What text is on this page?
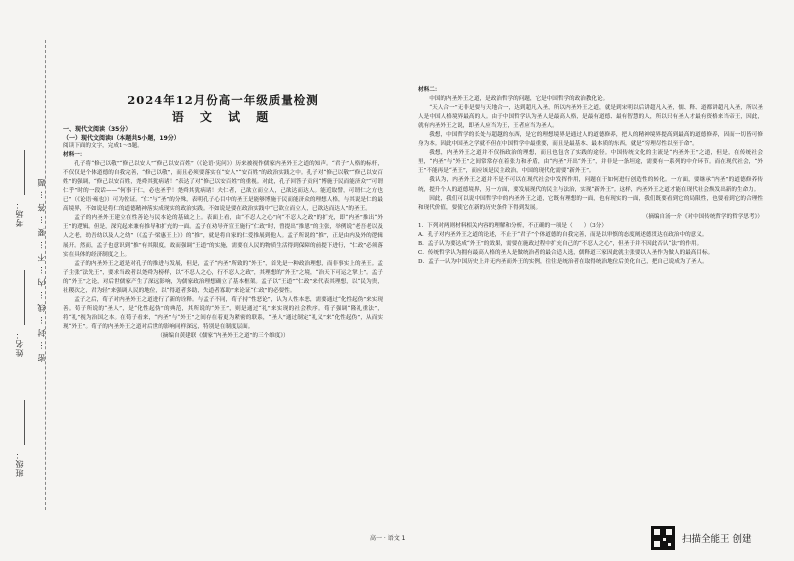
班级：
姓名：
考场： 密 ⋯ 封 ⋯ 线 ⋯ 内 ⋯ 不 ⋯ 要 ⋯ 答 ⋯ 题
2024年12月份高一年级质量检测
语 文 试 题
一、现代文阅读（35分）
（一）现代文阅读Ⅰ（本题共5小题，19分）

阅读下面的文字，完成1～5题。

材料一：

孔子将“修己以敬”“修己以安人”“修己以安百姓”（《论语·宪问》）历来被视作儒家内圣外王之道的知声。“君子”人格的标杆，不仅仅是个体道德的自我完善，“修己以敬”，而且必须要落实在“安人”“安百姓”的政治实践之中。孔子对“修己以敬”“修己以安百姓”的强调，“修己以安百姓，尧舜其犹病诸！”表达了对“修己以安百姓”的重视。对此，孔子回答子贡问“博施于民而能济众”“可谓仁乎”时的一段话——“何事于仁，必也圣乎！尧舜其犹病诸！夫仁者，己欲立而立人，己欲达而达人。能近取譬，可谓仁之方也已”（《论语·雍也》）可为佐证。“仁”与“圣”的分殊，表明孔子心目中的圣王是能够博施于民而能济众的理想人格，与其说是仁的最高境界，不如说是将仁的道德精神落实成现实的政治实践。不如说是要在政治实践中“已欲立而立人，已欲达而达人”的圣王。

孟子的内圣外王建立在性善论与民本论的基础之上。表面上看，由“不忍人之心”向“不忍人之政”的扩充，即“内圣”推出“外王”的逻辑。但是，深究起来兼有推导和扩充的一面。孟子在劝导齐宣王施行“仁政”时，曾提出“推恩”的主张，举例说“老吾老以及人之老，幼吾幼以及人之幼”（《孟子·梁惠王上》）的“推”，就是将自家的仁爱推展到他人。孟子所说的“推”，正是由内及外的逻辑展开。然而，孟子也意识到“推”有其限度，故而强调“王道”的实施，需要在人民的物质生活得到保障的前提下进行，“仁政”必须落实在具体的经济制度之上。

孟子的内圣外王之道是对孔子的推进与发展，但是，孟子“内圣”所致的“外王”，首先是一种政治理想，而非事实上的圣王。孟子主张“法先王”，要求当政者以尧舜为榜样，以“不忍人之心，行不忍人之政”，其理想的“外王”之境，“治天下可运之掌上”。孟子的“外王”之论，对后世儒家产生了深远影响，为儒家政治理想确立了基本框架。孟子以“王道”“仁政”来代表其理想，以“民为贵，社稷次之，君为轻”来强调人民的地位，以“得道者多助，失道者寡助”来论证“仁政”的必要性。

孟子之后，荀子对内圣外王之道进行了新的诠释。与孟子不同，荀子持“性恶论”，认为人性本恶，需要通过“化性起伪”来实现善。荀子所说的“圣人”，是“化性起伪”的典范，其所说的“外王”，则是通过“礼”来实现的社会秩序。荀子强调“隆礼重法”，将“礼”视为治国之本。在荀子看来，“内圣”与“外王”之间存在着更为紧密的联系，“圣人”通过制定“礼义”来“化性起伪”，从而实现“外王”。荀子的内圣外王之道对后世的影响同样深远，特别是在制度层面。

（摘编自黄建联《儒家“内圣外王之道”的三个维度》）

材料二：

中国的内圣外王之道，是政治哲学的问题，它是中国哲学的政治教化论。

“天人合一”无非是要与天地合一，达到超凡入圣，所以内圣外王之道，就是到宋明以后讲超凡入圣，儒、释、道都讲超凡入圣，所以圣人是中国人格境界最高的人。由于中国哲学认为圣人是最高人格，是最有道德、最有智慧的人，所以只有圣人才最有资格来当帝王，因此，就有内圣外王之说，即圣人应当为王，王者应当为圣人。

我想，中国哲学的长处与超越的东西，是它的理想境界是通过人的道德修养，把人的精神境界提高到最高的道德修养，因而一切皆可修身为本。因此中国圣之学就不但在中国哲学中最重要，而且是最基本、最本质的东西，就是“穷理尽性以至于命”。

我想，内圣外王之道并不仅指政治的理想，而且也包含了实践的途径。中国传统文化的主流是“内圣外王”之道，但是，在传统社会里，“内圣”与“外王”之间常常存在着张力和矛盾，由“内圣”开出“外王”，并非是一条坦途，需要有一系列的中介环节。而在现代社会，“外王”不能再是“圣王”，而应该是民主政治，中国的现代化需要“新外王”。

我认为，内圣外王之道并不是不可以在现代社会中发挥作用，问题在于如何进行创造性的转化。一方面，要继承“内圣”的道德修养传统，提升个人的道德境界，另一方面，要发展现代的民主与法治，实现“新外王”。这样，内圣外王之道才能在现代社会焕发出新的生命力。

因此，我们可以说中国哲学中的内圣外王之道，它既有理想的一面，也有现实的一面，我们既要看到它的局限性，也要看到它的合理性和现代价值，要使它在新的历史条件下得到发展。

（摘编自汤一介《对中国传统哲学的哲学思考》）

1．下列对两则材料相关内容的理解和分析，不正确的一项是（　　）（3分）

A．孔子对内圣外王之道的论述，不止于“君子”个体道德的自我完善，而是以审慎的态度阐述德贯达在政治中的意义。

B．孟子认为要达成“外王”的效果，需要在施政过程中扩充自己的“不忍人之心”，但圣于并不因此否认“法”的作用。

C．传统哲学认为拥有最高人格的圣人是做统治者的最合适人选，儒释道三家因此就主张要以人圣作为做人的最高目标。

D．孟子一认为中国历史上并无内圣而外王的实例，往往是统治者在取得统治地位后美化自己，把自己说成为了圣人。

高一 · 语文 1	扫描全能王 创建
